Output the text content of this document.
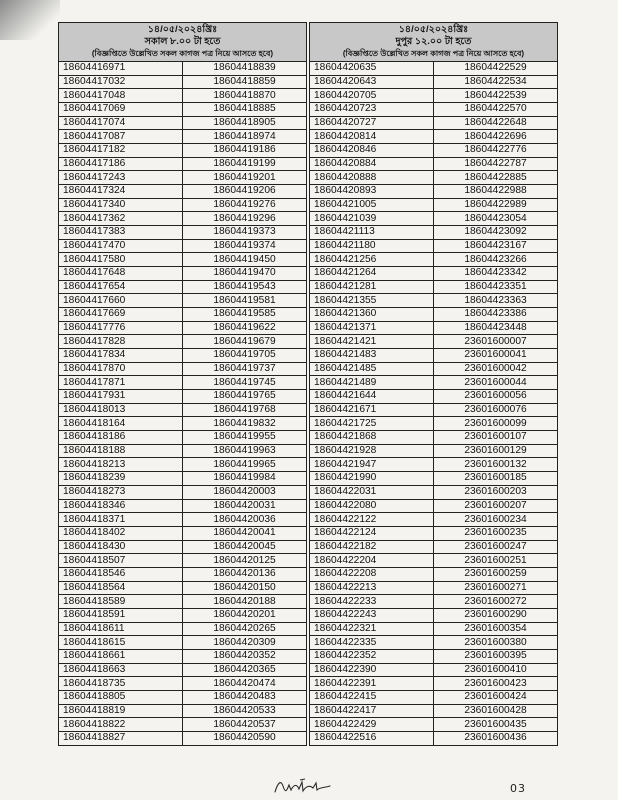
১৪/০৫/২০২৪খ্রিঃ
সকাল ৮.০০ টা হতে
(বিজ্ঞপ্তিতে উল্লেখিত সকল কাগজ পত্র নিয়ে আসতে হবে)	

18604416971	18604418839
18604417032	18604418859
18604417048	18604418870
18604417069	18604418885
18604417074	18604418905
18604417087	18604418974
18604417182	18604419186
18604417186	18604419199
18604417243	18604419201
18604417324	18604419206
18604417340	18604419276
18604417362	18604419296
18604417383	18604419373
18604417470	18604419374
18604417580	18604419450
18604417648	18604419470
18604417654	18604419543
18604417660	18604419581
18604417669	18604419585
18604417776	18604419622
18604417828	18604419679
18604417834	18604419705
18604417870	18604419737
18604417871	18604419745
18604417931	18604419765
18604418013	18604419768
18604418164	18604419832
18604418186	18604419955
18604418188	18604419963
18604418213	18604419965
18604418239	18604419984
18604418273	18604420003
18604418346	18604420031
18604418371	18604420036
18604418402	18604420041
18604418430	18604420045
18604418507	18604420125
18604418546	18604420136
18604418564	18604420150
18604418589	18604420188
18604418591	18604420201
18604418611	18604420265
18604418615	18604420309
18604418661	18604420352
18604418663	18604420365
18604418735	18604420474
18604418805	18604420483
18604418819	18604420533
18604418822	18604420537
18604418827	18604420590
১৪/০৫/২০২৪খ্রিঃ
দুপুর ১২.০০ টা হতে
(বিজ্ঞপ্তিতে উল্লেখিত সকল কাগজ পত্র নিয়ে আসতে হবে)	

18604420635	18604422529
18604420643	18604422534
18604420705	18604422539
18604420723	18604422570
18604420727	18604422648
18604420814	18604422696
18604420846	18604422776
18604420884	18604422787
18604420888	18604422885
18604420893	18604422988
18604421005	18604422989
18604421039	18604423054
18604421113	18604423092
18604421180	18604423167
18604421256	18604423266
18604421264	18604423342
18604421281	18604423351
18604421355	18604423363
18604421360	18604423386
18604421371	18604423448
18604421421	23601600007
18604421483	23601600041
18604421485	23601600042
18604421489	23601600044
18604421644	23601600056
18604421671	23601600076
18604421725	23601600099
18604421868	23601600107
18604421928	23601600129
18604421947	23601600132
18604421990	23601600185
18604422031	23601600203
18604422080	23601600207
18604422122	23601600234
18604422124	23601600235
18604422182	23601600247
18604422204	23601600251
18604422208	23601600259
18604422213	23601600271
18604422233	23601600272
18604422243	23601600290
18604422321	23601600354
18604422335	23601600380
18604422352	23601600395
18604422390	23601600410
18604422391	23601600423
18604422415	23601600424
18604422417	23601600428
18604422429	23601600435
18604422516	23601600436
03
